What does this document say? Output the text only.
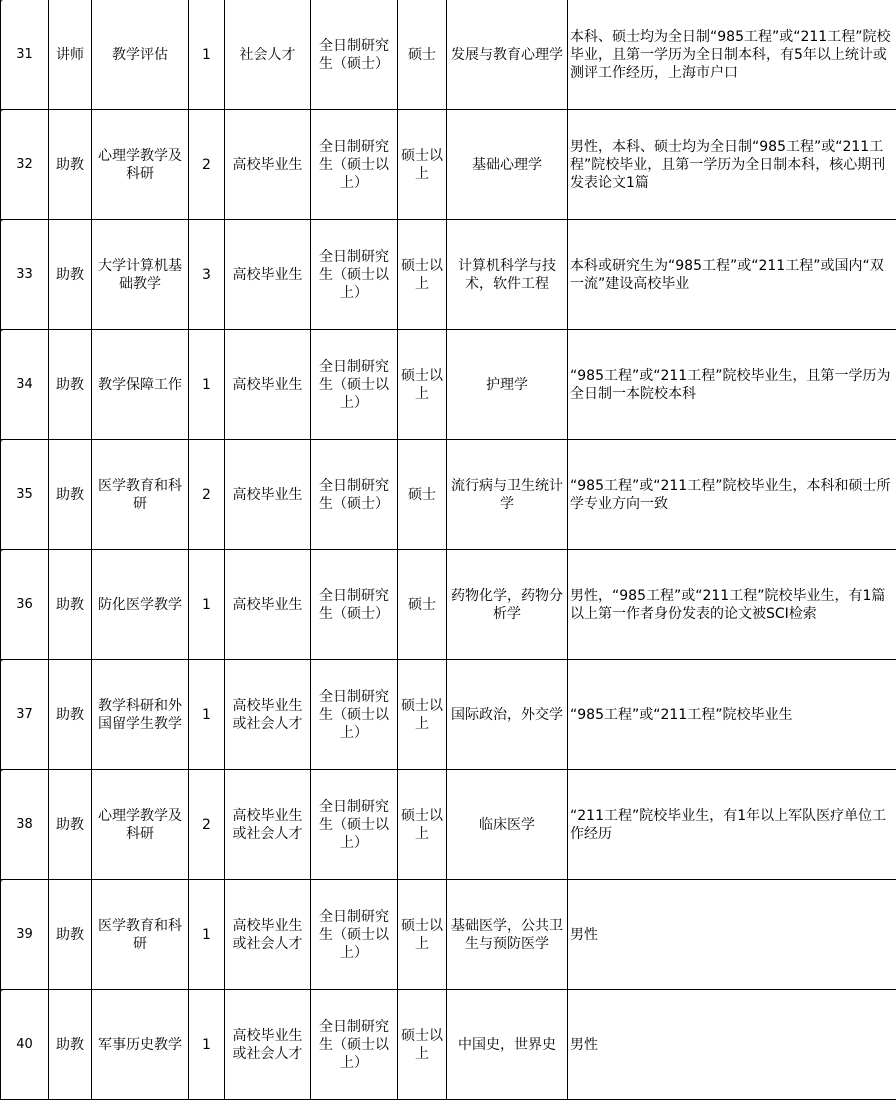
31	讲师	教学评估	1	社会人才	全日制研究生（硕士）	硕士	发展与教育心理学	本科、硕士均为全日制“985工程”或“211工程”院校毕业，且第一学历为全日制本科，有5年以上统计或测评工作经历，上海市户口

32	助教	心理学教学及科研	2	高校毕业生	全日制研究生（硕士以上）	硕士以上	基础心理学	男性，本科、硕士均为全日制“985工程”或“211工程”院校毕业，且第一学历为全日制本科，核心期刊发表论文1篇

33	助教	大学计算机基础教学	3	高校毕业生	全日制研究生（硕士以上）	硕士以上	计算机科学与技术，软件工程	本科或研究生为“985工程”或“211工程”或国内“双一流”建设高校毕业

34	助教	教学保障工作	1	高校毕业生	全日制研究生（硕士以上）	硕士以上	护理学	“985工程”或“211工程”院校毕业生，且第一学历为全日制一本院校本科

35	助教	医学教育和科研	2	高校毕业生	全日制研究生（硕士）	硕士	流行病与卫生统计学	“985工程”或“211工程”院校毕业生，本科和硕士所学专业方向一致

36	助教	防化医学教学	1	高校毕业生	全日制研究生（硕士）	硕士	药物化学，药物分析学	男性，“985工程”或“211工程”院校毕业生，有1篇以上第一作者身份发表的论文被SCI检索

37	助教	教学科研和外国留学生教学	1	高校毕业生或社会人才	全日制研究生（硕士以上）	硕士以上	国际政治，外交学	“985工程”或“211工程”院校毕业生

38	助教	心理学教学及科研	2	高校毕业生或社会人才	全日制研究生（硕士以上）	硕士以上	临床医学	“211工程”院校毕业生，有1年以上军队医疗单位工作经历

39	助教	医学教育和科研	1	高校毕业生或社会人才	全日制研究生（硕士以上）	硕士以上	基础医学，公共卫生与预防医学	男性

40	助教	军事历史教学	1	高校毕业生或社会人才	全日制研究生（硕士以上）	硕士以上	中国史，世界史	男性
